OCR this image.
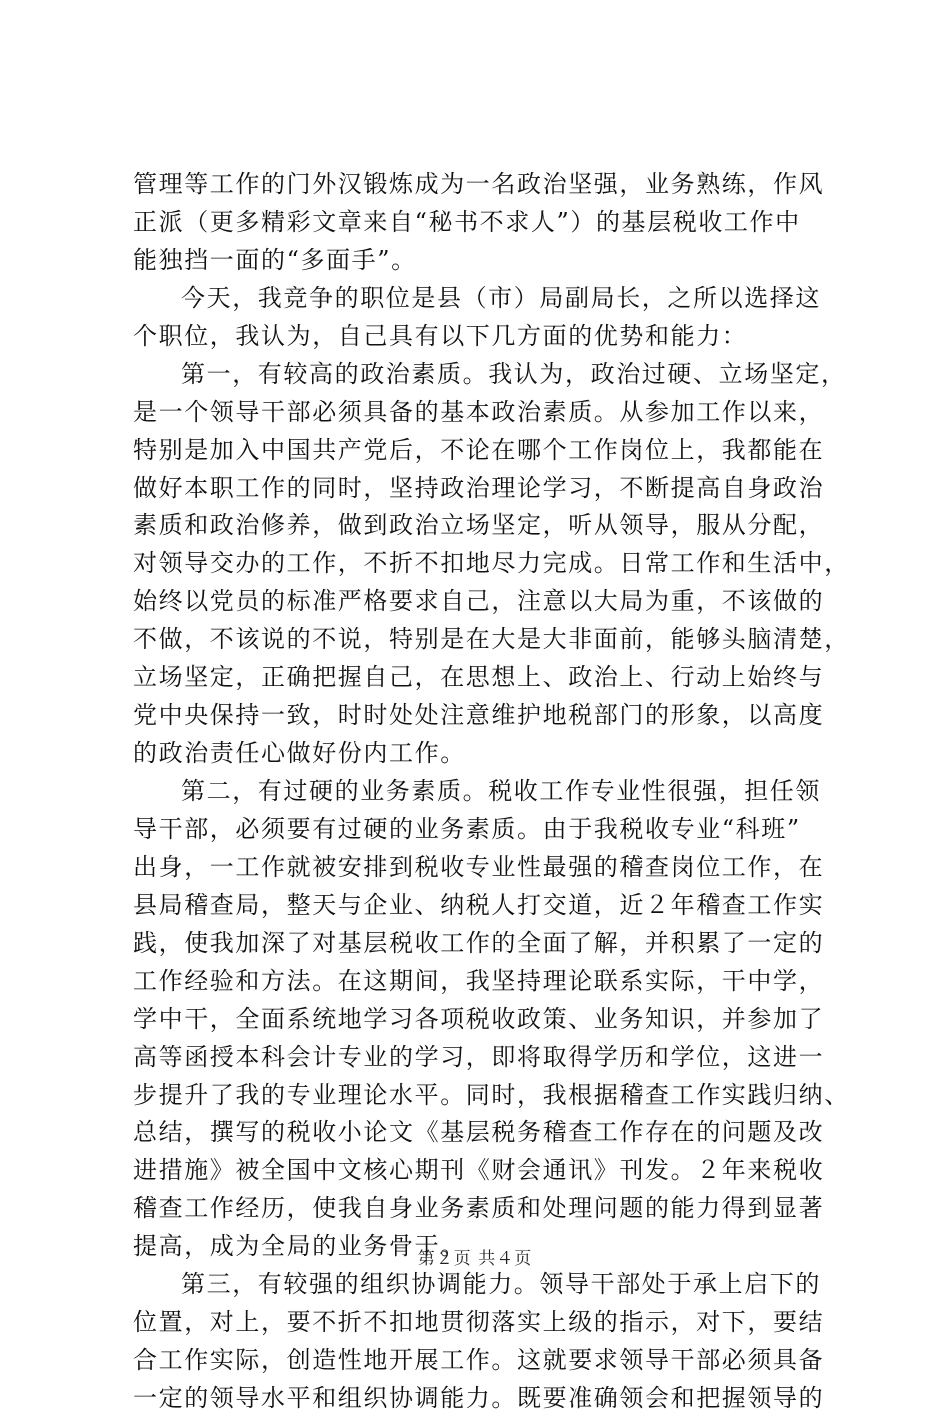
管理等工作的门外汉锻炼成为一名政治坚强，业务熟练，作风
正派（更多精彩文章来自“秘书不求人”）的基层税收工作中
能独挡一面的“多面手”。
今天，我竞争的职位是县（市）局副局长，之所以选择这
个职位，我认为，自己具有以下几方面的优势和能力：
第一，有较高的政治素质。我认为，政治过硬、立场坚定，
是一个领导干部必须具备的基本政治素质。从参加工作以来，
特别是加入中国共产党后，不论在哪个工作岗位上，我都能在
做好本职工作的同时，坚持政治理论学习，不断提高自身政治
素质和政治修养，做到政治立场坚定，听从领导，服从分配，
对领导交办的工作，不折不扣地尽力完成。日常工作和生活中，
始终以党员的标准严格要求自己，注意以大局为重，不该做的
不做，不该说的不说，特别是在大是大非面前，能够头脑清楚，
立场坚定，正确把握自己，在思想上、政治上、行动上始终与
党中央保持一致，时时处处注意维护地税部门的形象，以高度
的政治责任心做好份内工作。
第二，有过硬的业务素质。税收工作专业性很强，担任领
导干部，必须要有过硬的业务素质。由于我税收专业“科班”
出身，一工作就被安排到税收专业性最强的稽查岗位工作，在
县局稽查局，整天与企业、纳税人打交道，近２年稽查工作实
践，使我加深了对基层税收工作的全面了解，并积累了一定的
工作经验和方法。在这期间，我坚持理论联系实际，干中学，
学中干，全面系统地学习各项税收政策、业务知识，并参加了
高等函授本科会计专业的学习，即将取得学历和学位，这进一
步提升了我的专业理论水平。同时，我根据稽查工作实践归纳、
总结，撰写的税收小论文《基层税务稽查工作存在的问题及改
进措施》被全国中文核心期刊《财会通讯》刊发。２年来税收
稽查工作经历，使我自身业务素质和处理问题的能力得到显著
提高，成为全局的业务骨干。
第三，有较强的组织协调能力。领导干部处于承上启下的
位置，对上，要不折不扣地贯彻落实上级的指示，对下，要结
合工作实际，创造性地开展工作。这就要求领导干部必须具备
一定的领导水平和组织协调能力。既要准确领会和把握领导的
第２页 共４页
